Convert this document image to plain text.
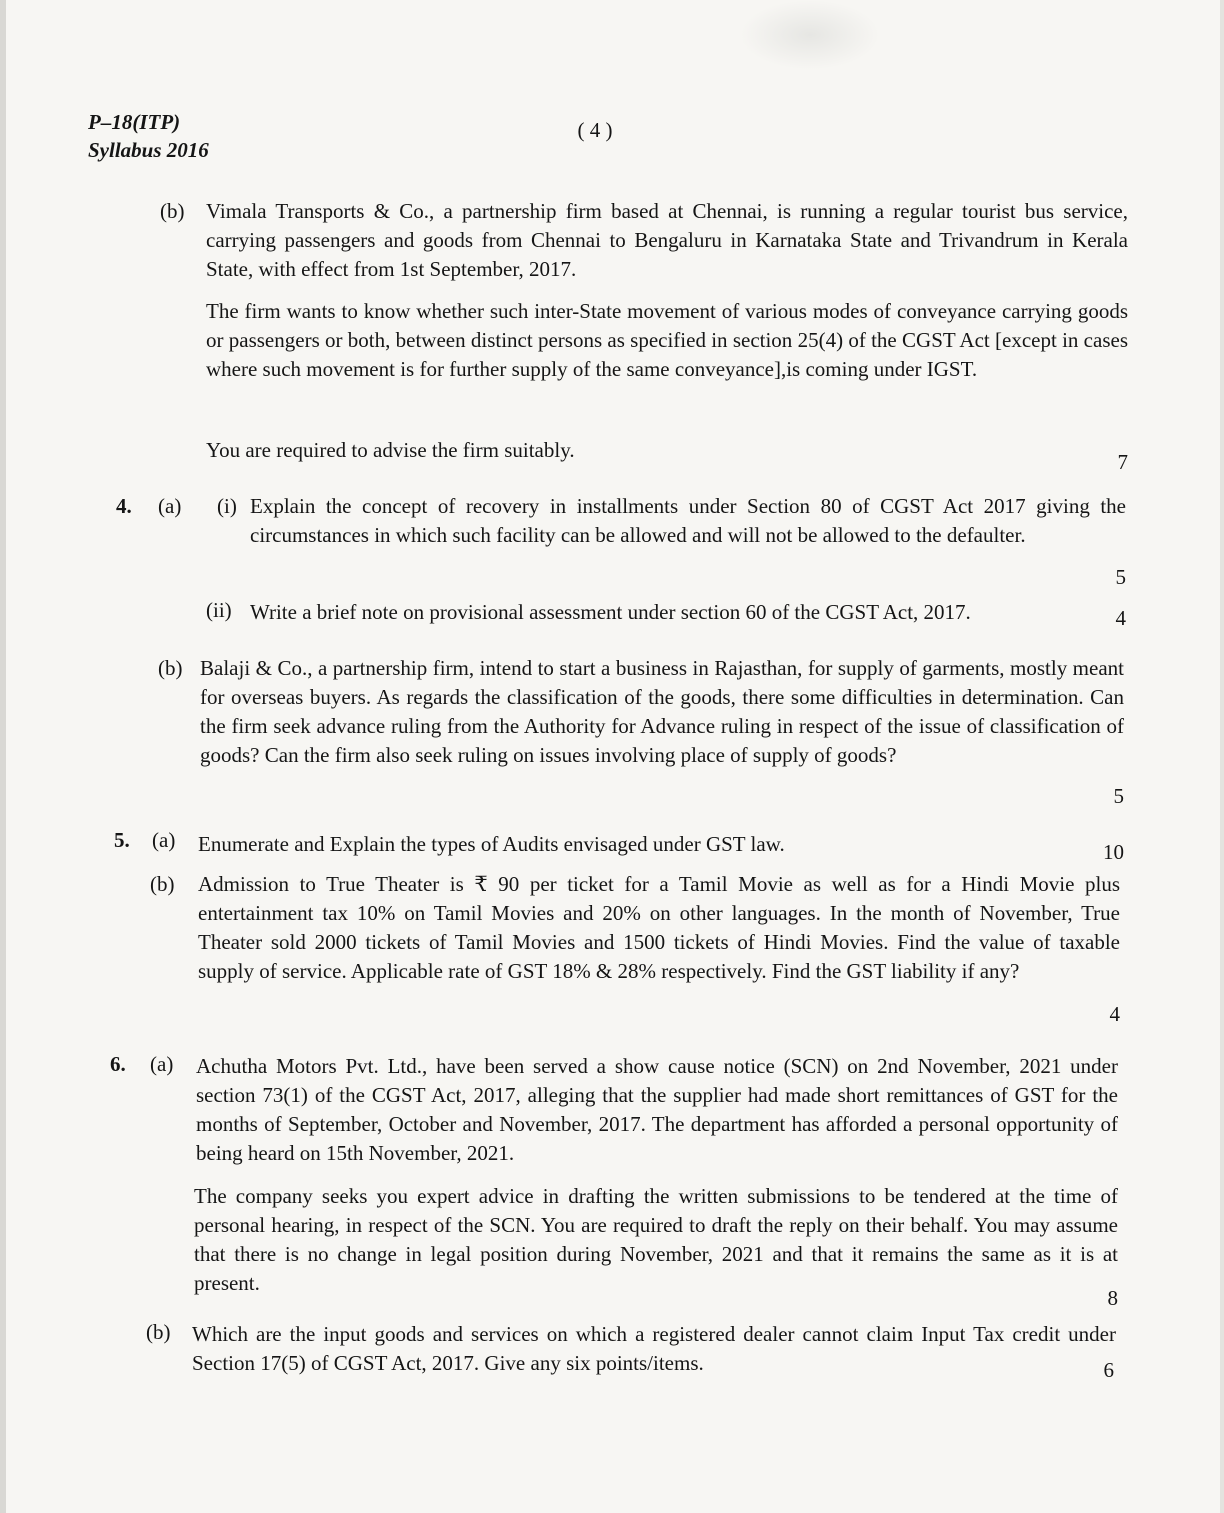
P–18(ITP)
Syllabus 2016
( 4 )
(b) Vimala Transports & Co., a partnership firm based at Chennai, is running a regular tourist bus service, carrying passengers and goods from Chennai to Bengaluru in Karnataka State and Trivandrum in Kerala State, with effect from 1st September, 2017.

The firm wants to know whether such inter-State movement of various modes of conveyance carrying goods or passengers or both, between distinct persons as specified in section 25(4) of the CGST Act [except in cases where such movement is for further supply of the same conveyance],is coming under IGST.

You are required to advise the firm suitably.	7
4. (a) (i) Explain the concept of recovery in installments under Section 80 of CGST Act 2017 giving the circumstances in which such facility can be allowed and will not be allowed to the defaulter.

5
(ii) Write a brief note on provisional assessment under section 60 of the CGST Act, 2017.	4
(b) Balaji & Co., a partnership firm, intend to start a business in Rajasthan, for supply of garments, mostly meant for overseas buyers. As regards the classification of the goods, there some difficulties in determination. Can the firm seek advance ruling from the Authority for Advance ruling in respect of the issue of classification of goods? Can the firm also seek ruling on issues involving place of supply of goods?

5
5. (a) Enumerate and Explain the types of Audits envisaged under GST law.	10
(b) Admission to True Theater is ₹ 90 per ticket for a Tamil Movie as well as for a Hindi Movie plus entertainment tax 10% on Tamil Movies and 20% on other languages. In the month of November, True Theater sold 2000 tickets of Tamil Movies and 1500 tickets of Hindi Movies. Find the value of taxable supply of service. Applicable rate of GST 18% & 28% respectively. Find the GST liability if any?

4
6. (a) Achutha Motors Pvt. Ltd., have been served a show cause notice (SCN) on 2nd November, 2021 under section 73(1) of the CGST Act, 2017, alleging that the supplier had made short remittances of GST for the months of September, October and November, 2017. The department has afforded a personal opportunity of being heard on 15th November, 2021.

The company seeks you expert advice in drafting the written submissions to be tendered at the time of personal hearing, in respect of the SCN. You are required to draft the reply on their behalf. You may assume that there is no change in legal position during November, 2021 and that it remains the same as it is at present.

8
(b) Which are the input goods and services on which a registered dealer cannot claim Input Tax credit under Section 17(5) of CGST Act, 2017. Give any six points/items.	6
